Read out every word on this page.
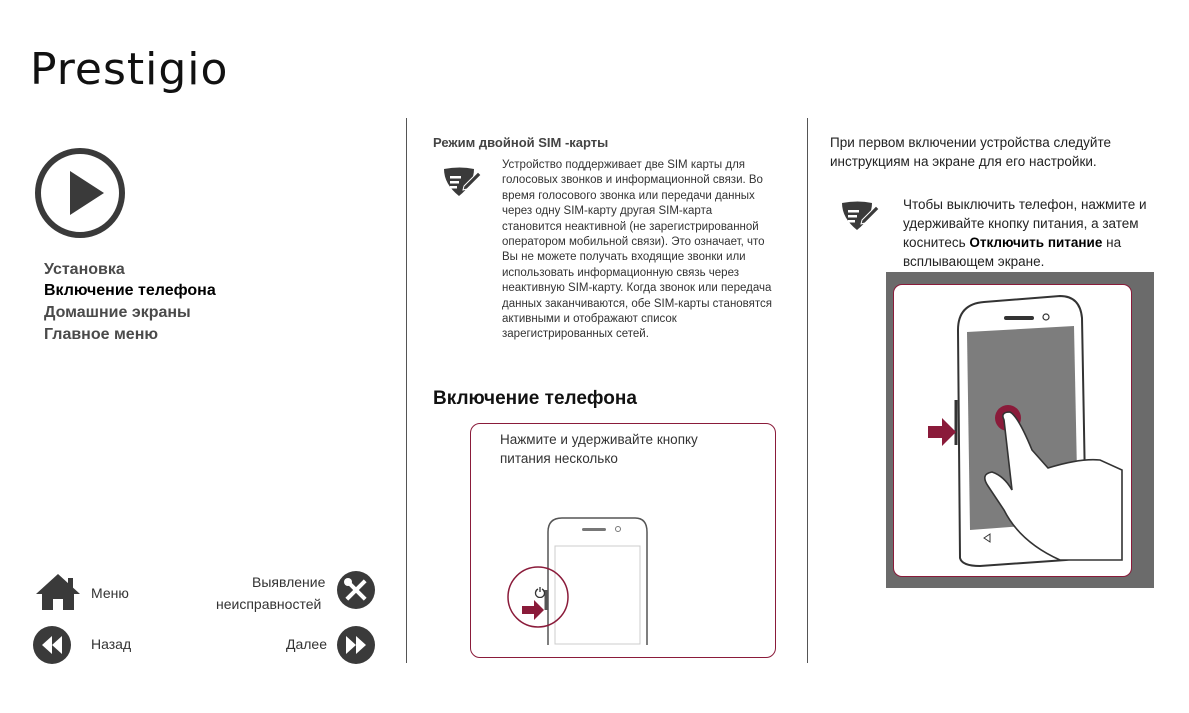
Prestigio
Установка
Включение телефона
Домашние экраны
Главное меню
Меню
Назад
Выявление
неисправностей
Далее
Режим двойной SIM -карты
Устройство поддерживает две SIM карты для голосовых звонков и информационной связи. Во время голосового звонка или передачи данных через одну SIM-карту другая SIM-карта становится неактивной (не зарегистрированной оператором мобильной связи). Это означает, что Вы не можете получать входящие звонки или использовать информационную связь через неактивную SIM-карту. Когда звонок или передача данных заканчиваются, обе SIM-карты становятся активными и отображают список зарегистрированных сетей.
Включение телефона
Нажмите и удерживайте кнопку питания несколько
При первом включении устройства следуйте инструкциям на экране для его настройки.
Чтобы выключить телефон, нажмите и удерживайте кнопку питания, а затем коснитесь Отключить питание на всплывающем экране.
